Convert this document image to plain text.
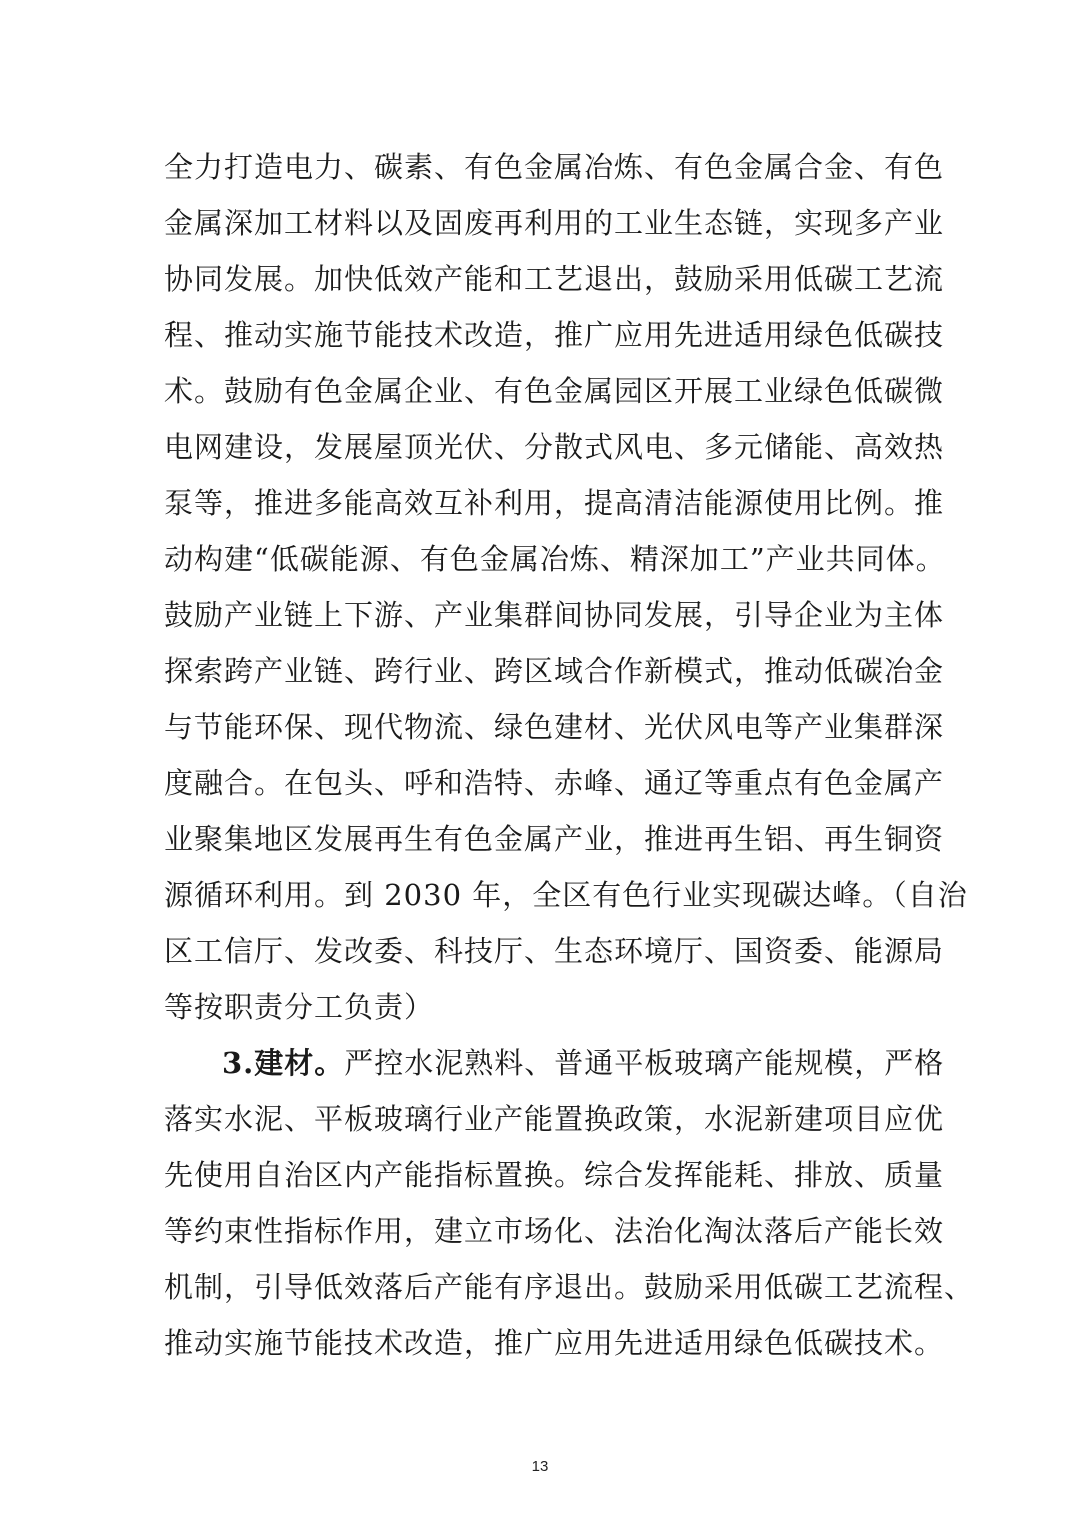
全力打造电力、碳素、有色金属冶炼、有色金属合金、有色
金属深加工材料以及固废再利用的工业生态链，实现多产业
协同发展。加快低效产能和工艺退出，鼓励采用低碳工艺流
程、推动实施节能技术改造，推广应用先进适用绿色低碳技
术。鼓励有色金属企业、有色金属园区开展工业绿色低碳微
电网建设，发展屋顶光伏、分散式风电、多元储能、高效热
泵等，推进多能高效互补利用，提高清洁能源使用比例。推
动构建“低碳能源、有色金属冶炼、精深加工”产业共同体。
鼓励产业链上下游、产业集群间协同发展，引导企业为主体
探索跨产业链、跨行业、跨区域合作新模式，推动低碳冶金
与节能环保、现代物流、绿色建材、光伏风电等产业集群深
度融合。在包头、呼和浩特、赤峰、通辽等重点有色金属产
业聚集地区发展再生有色金属产业，推进再生铝、再生铜资
源循环利用。到 2030 年，全区有色行业实现碳达峰。（自治
区工信厅、发改委、科技厅、生态环境厅、国资委、能源局
等按职责分工负责）
3.建材。严控水泥熟料、普通平板玻璃产能规模，严格
落实水泥、平板玻璃行业产能置换政策，水泥新建项目应优
先使用自治区内产能指标置换。综合发挥能耗、排放、质量
等约束性指标作用，建立市场化、法治化淘汰落后产能长效
机制，引导低效落后产能有序退出。鼓励采用低碳工艺流程、
推动实施节能技术改造，推广应用先进适用绿色低碳技术。
13
